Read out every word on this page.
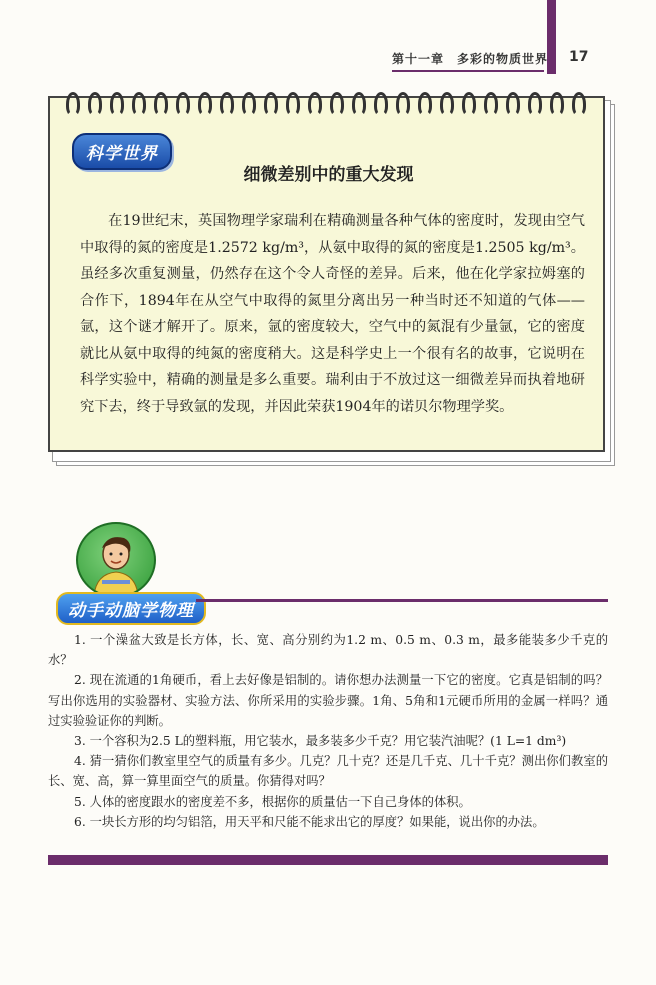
第十一章　多彩的物质世界 17
科学世界
细微差别中的重大发现
在19世纪末，英国物理学家瑞利在精确测量各种气体的密度时，发现由空气中取得的氮的密度是1.2572 kg/m³，从氨中取得的氮的密度是1.2505 kg/m³。虽经多次重复测量，仍然存在这个令人奇怪的差异。后来，他在化学家拉姆塞的合作下，1894年在从空气中取得的氮里分离出另一种当时还不知道的气体——氩，这个谜才解开了。原来，氩的密度较大，空气中的氮混有少量氩，它的密度就比从氨中取得的纯氮的密度稍大。这是科学史上一个很有名的故事，它说明在科学实验中，精确的测量是多么重要。瑞利由于不放过这一细微差异而执着地研究下去，终于导致氩的发现，并因此荣获1904年的诺贝尔物理学奖。
动手动脑学物理

1. 一个澡盆大致是长方体，长、宽、高分别约为1.2 m、0.5 m、0.3 m，最多能装多少千克的水？

2. 现在流通的1角硬币，看上去好像是铝制的。请你想办法测量一下它的密度。它真是铝制的吗？写出你选用的实验器材、实验方法、你所采用的实验步骤。1角、5角和1元硬币所用的金属一样吗？通过实验验证你的判断。

3. 一个容积为2.5 L的塑料瓶，用它装水，最多装多少千克？用它装汽油呢？(1 L=1 dm³)

4. 猜一猜你们教室里空气的质量有多少。几克？几十克？还是几千克、几十千克？测出你们教室的长、宽、高，算一算里面空气的质量。你猜得对吗？

5. 人体的密度跟水的密度差不多，根据你的质量估一下自己身体的体积。

6. 一块长方形的均匀铝箔，用天平和尺能不能求出它的厚度？如果能，说出你的办法。
